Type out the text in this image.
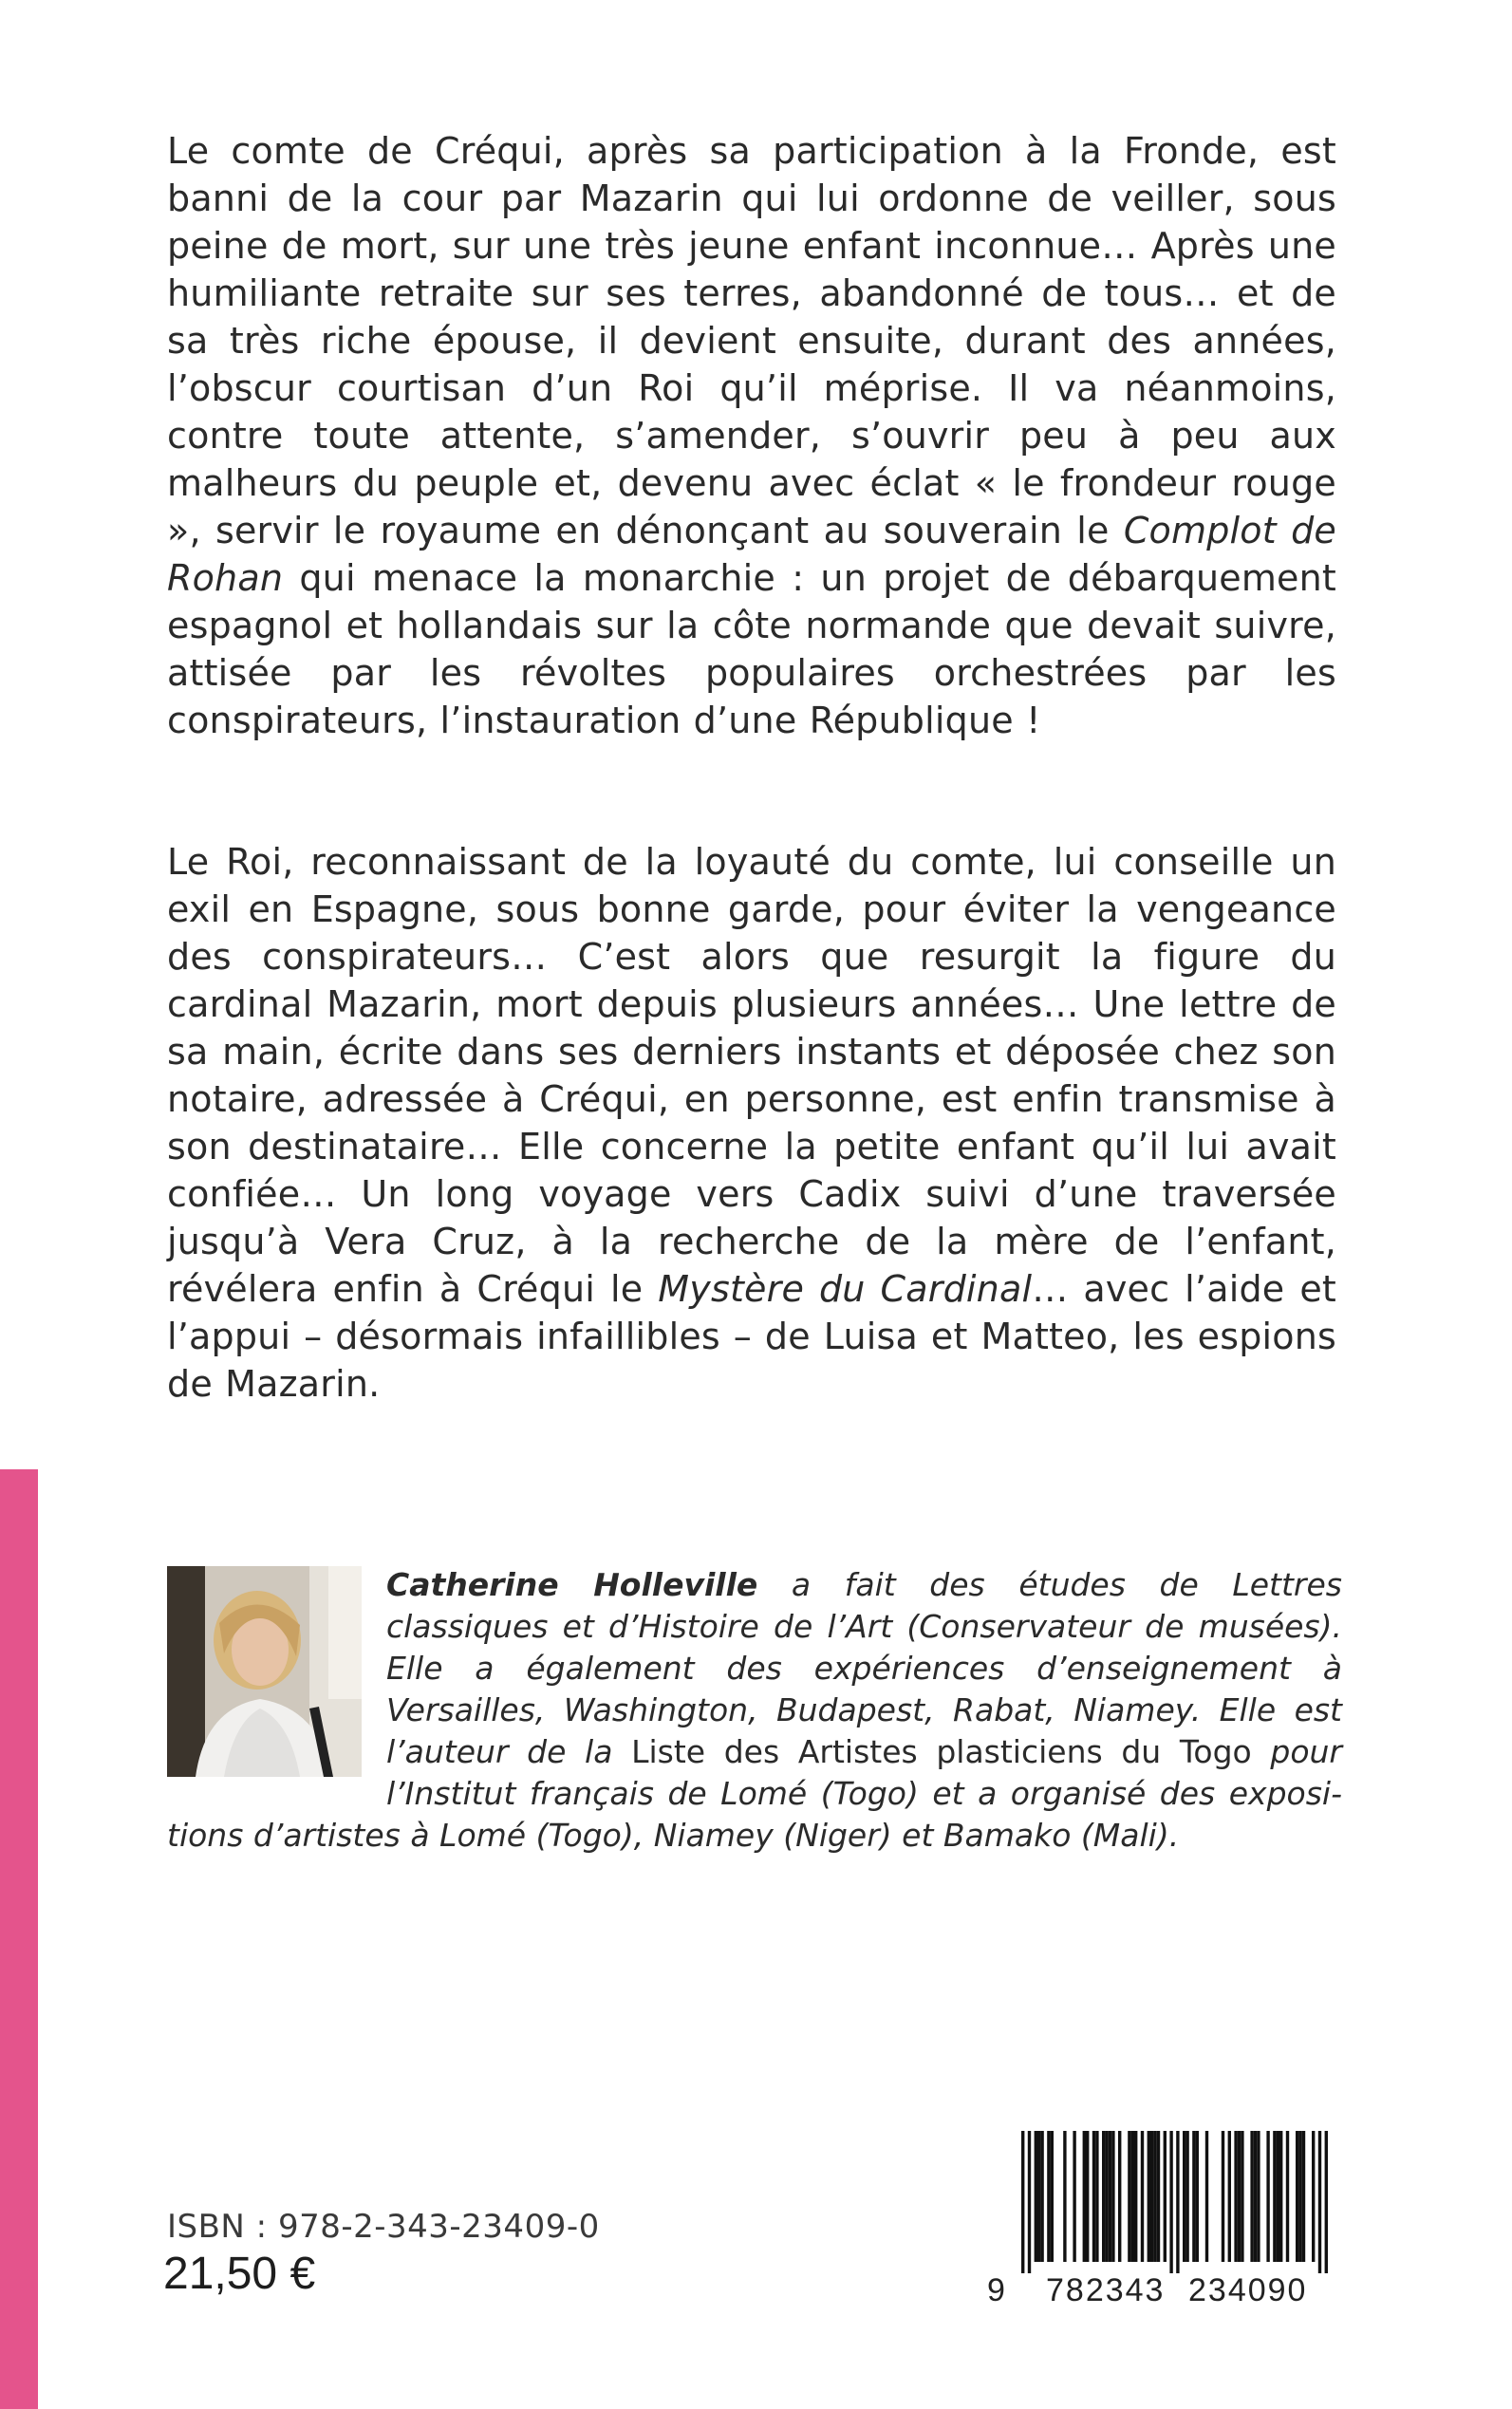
Le comte de Créqui, après sa participation à la Fronde, est banni de la cour par Mazarin qui lui ordonne de veiller, sous peine de mort, sur une très jeune enfant inconnue… Après une humiliante retraite sur ses terres, abandonné de tous… et de sa très riche épouse, il devient ensuite, durant des années, l’obscur courtisan d’un Roi qu’il méprise. Il va néanmoins, contre toute attente, s’amender, s’ouvrir peu à peu aux malheurs du peuple et, devenu avec éclat « le frondeur rouge », servir le royaume en dénonçant au souverain le Complot de Rohan qui menace la monarchie : un projet de débarquement espagnol et hollandais sur la côte normande que devait suivre, attisée par les révoltes populaires orchestrées par les conspirateurs, l’instauration d’une République !

Le Roi, reconnaissant de la loyauté du comte, lui conseille un exil en Espagne, sous bonne garde, pour éviter la vengeance des conspirateurs… C’est alors que resurgit la figure du cardinal Mazarin, mort depuis plusieurs années… Une lettre de sa main, écrite dans ses derniers instants et déposée chez son notaire, adressée à Créqui, en personne, est enfin transmise à son destinataire… Elle concerne la petite enfant qu’il lui avait confiée… Un long voyage vers Cadix suivi d’une traversée jusqu’à Vera Cruz, à la recherche de la mère de l’enfant, révélera enfin à Créqui le Mystère du Cardinal… avec l’aide et l’appui – désormais infaillibles – de Luisa et Matteo, les espions de Mazarin.

Catherine Holleville a fait des études de Lettres classiques et d’Histoire de l’Art (Conservateur de musées). Elle a également des expériences d’enseignement à Versailles, Washington, Budapest, Rabat, Niamey. Elle est l’auteur de la Liste des Artistes plasticiens du Togo pour l’Institut français de Lomé (Togo) et a organisé des expositions d’artistes à Lomé (Togo), Niamey (Niger) et Bamako (Mali).
ISBN : 978-2-343-23409-0
21,50 €	9 782343 234090
